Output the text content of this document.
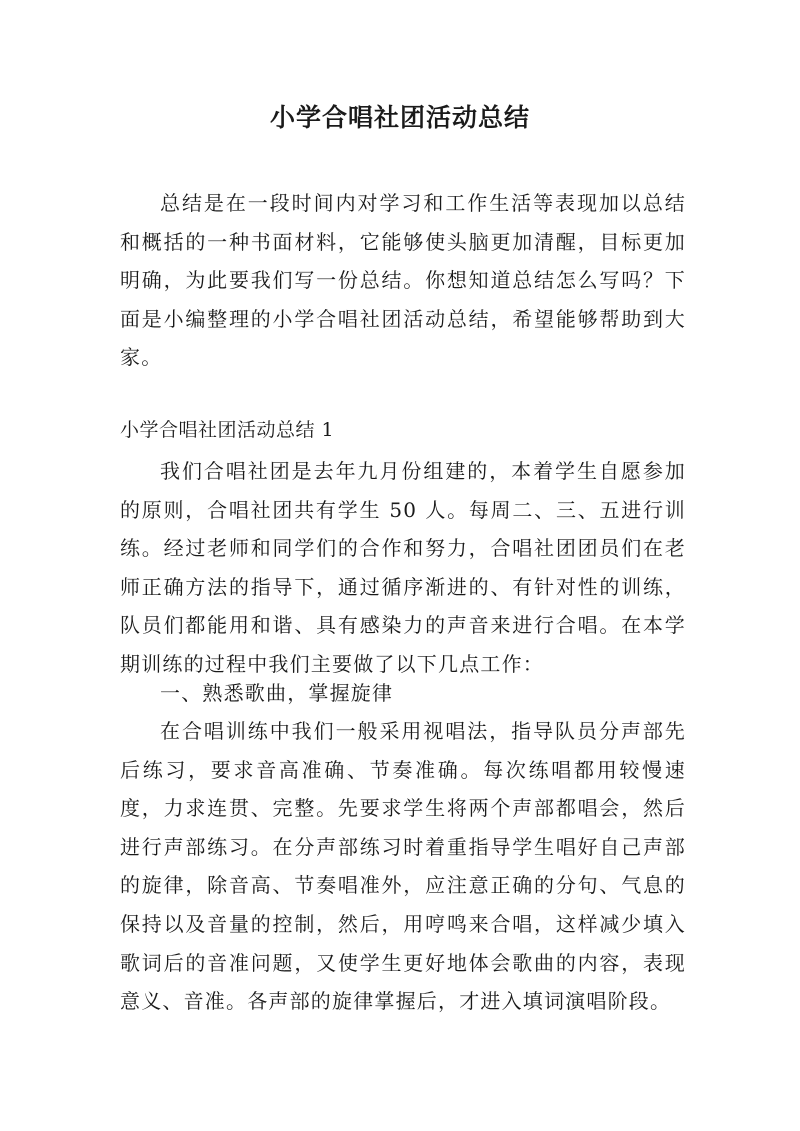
小学合唱社团活动总结

总结是在一段时间内对学习和工作生活等表现加以总结和概括的一种书面材料，它能够使头脑更加清醒，目标更加明确，为此要我们写一份总结。你想知道总结怎么写吗？下面是小编整理的小学合唱社团活动总结，希望能够帮助到大家。

小学合唱社团活动总结 1

我们合唱社团是去年九月份组建的，本着学生自愿参加的原则，合唱社团共有学生 50 人。每周二、三、五进行训练。经过老师和同学们的合作和努力，合唱社团团员们在老师正确方法的指导下，通过循序渐进的、有针对性的训练，队员们都能用和谐、具有感染力的声音来进行合唱。在本学期训练的过程中我们主要做了以下几点工作：

一、熟悉歌曲，掌握旋律

在合唱训练中我们一般采用视唱法，指导队员分声部先后练习，要求音高准确、节奏准确。每次练唱都用较慢速度，力求连贯、完整。先要求学生将两个声部都唱会，然后进行声部练习。在分声部练习时着重指导学生唱好自己声部的旋律，除音高、节奏唱准外，应注意正确的分句、气息的保持以及音量的控制，然后，用哼鸣来合唱，这样减少填入歌词后的音准问题，又使学生更好地体会歌曲的内容，表现意义、音准。各声部的旋律掌握后，才进入填词演唱阶段。
